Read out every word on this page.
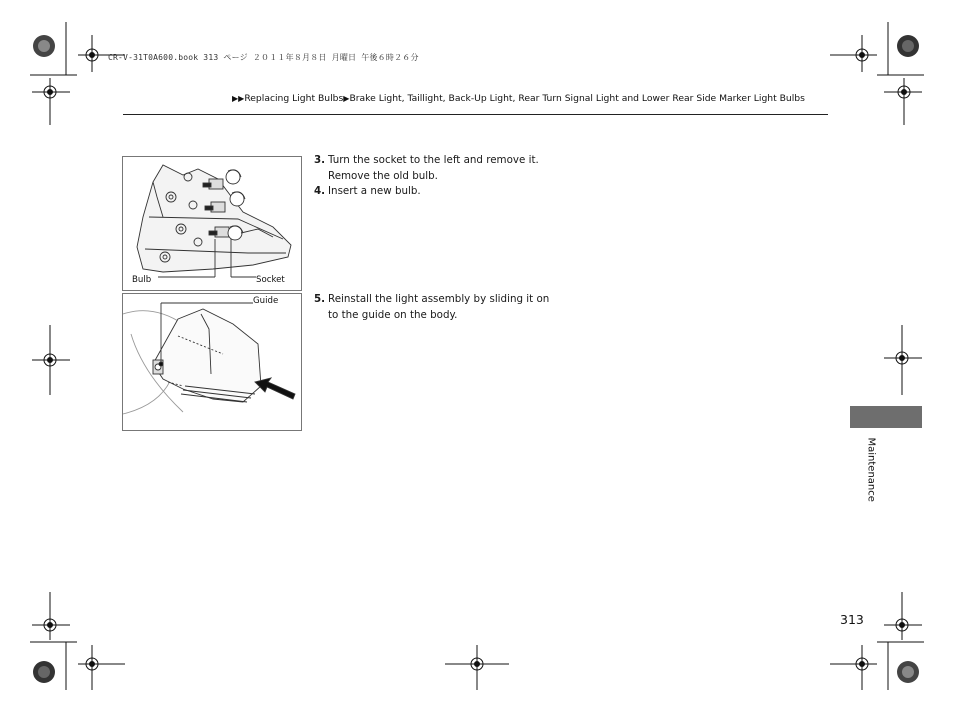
CR-V-31T0A600.book 313 ページ ２０１１年８月８日 月曜日 午後６時２６分
▶▶Replacing Light Bulbs▶Brake Light, Taillight, Back-Up Light, Rear Turn Signal Light and Lower Rear Side Marker Light Bulbs
Bulb	Socket
Guide
3. Turn the socket to the left and remove it.
Remove the old bulb.
4. Insert a new bulb.
5. Reinstall the light assembly by sliding it on
to the guide on the body.
Maintenance
313
